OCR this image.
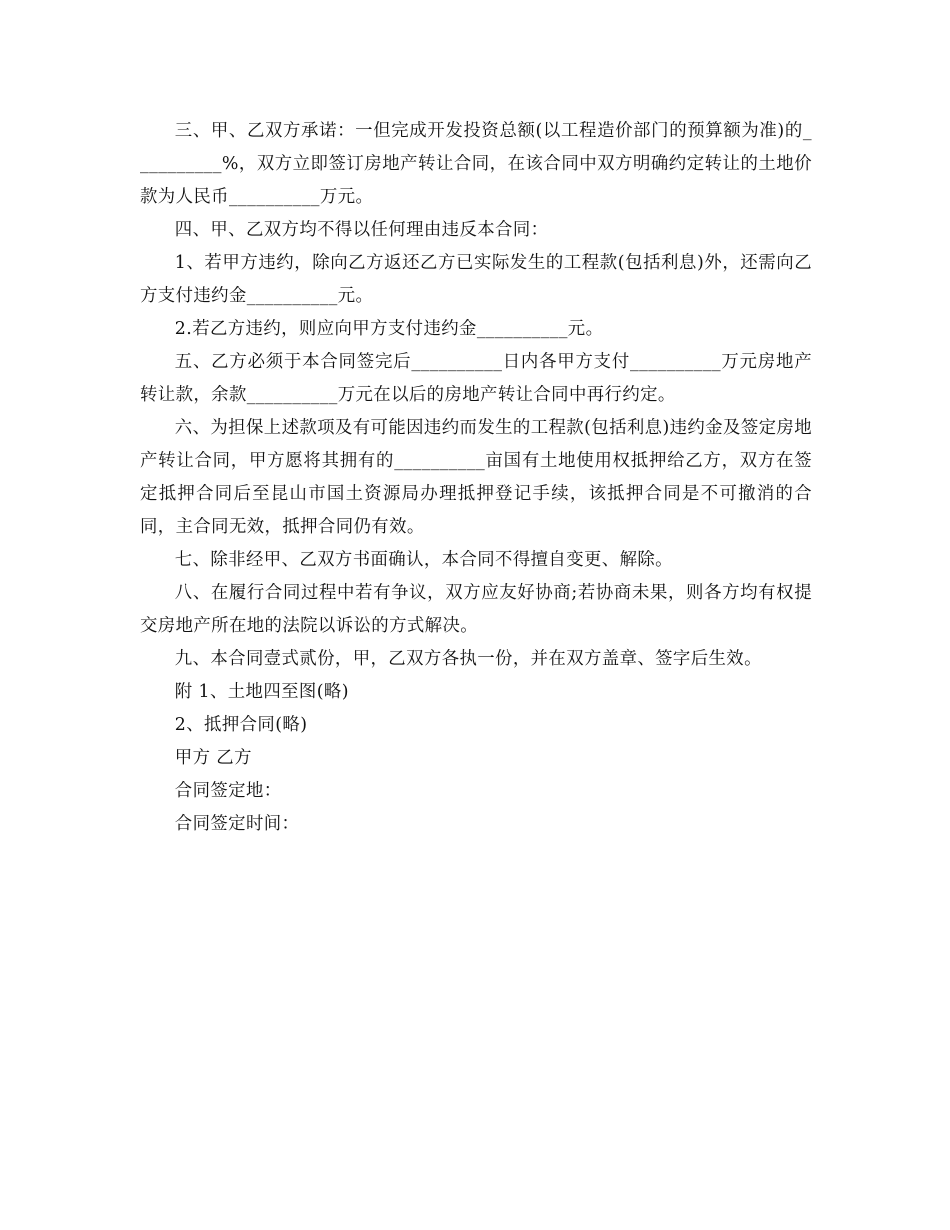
三、甲、乙双方承诺：一但完成开发投资总额(以工程造价部门的预算额为准)的__________%，双方立即签订房地产转让合同，在该合同中双方明确约定转让的土地价款为人民币__________万元。

四、甲、乙双方均不得以任何理由违反本合同：

1、若甲方违约，除向乙方返还乙方已实际发生的工程款(包括利息)外，还需向乙方支付违约金__________元。

2.若乙方违约，则应向甲方支付违约金__________元。

五、乙方必须于本合同签完后__________日内各甲方支付__________万元房地产转让款，余款__________万元在以后的房地产转让合同中再行约定。

六、为担保上述款项及有可能因违约而发生的工程款(包括利息)违约金及签定房地产转让合同，甲方愿将其拥有的__________亩国有土地使用权抵押给乙方，双方在签定抵押合同后至昆山市国土资源局办理抵押登记手续，该抵押合同是不可撤消的合同，主合同无效，抵押合同仍有效。

七、除非经甲、乙双方书面确认，本合同不得擅自变更、解除。

八、在履行合同过程中若有争议，双方应友好协商;若协商未果，则各方均有权提交房地产所在地的法院以诉讼的方式解决。

九、本合同壹式贰份，甲，乙双方各执一份，并在双方盖章、签字后生效。

附 1、土地四至图(略)

2、抵押合同(略)

甲方 乙方

合同签定地：

合同签定时间：
